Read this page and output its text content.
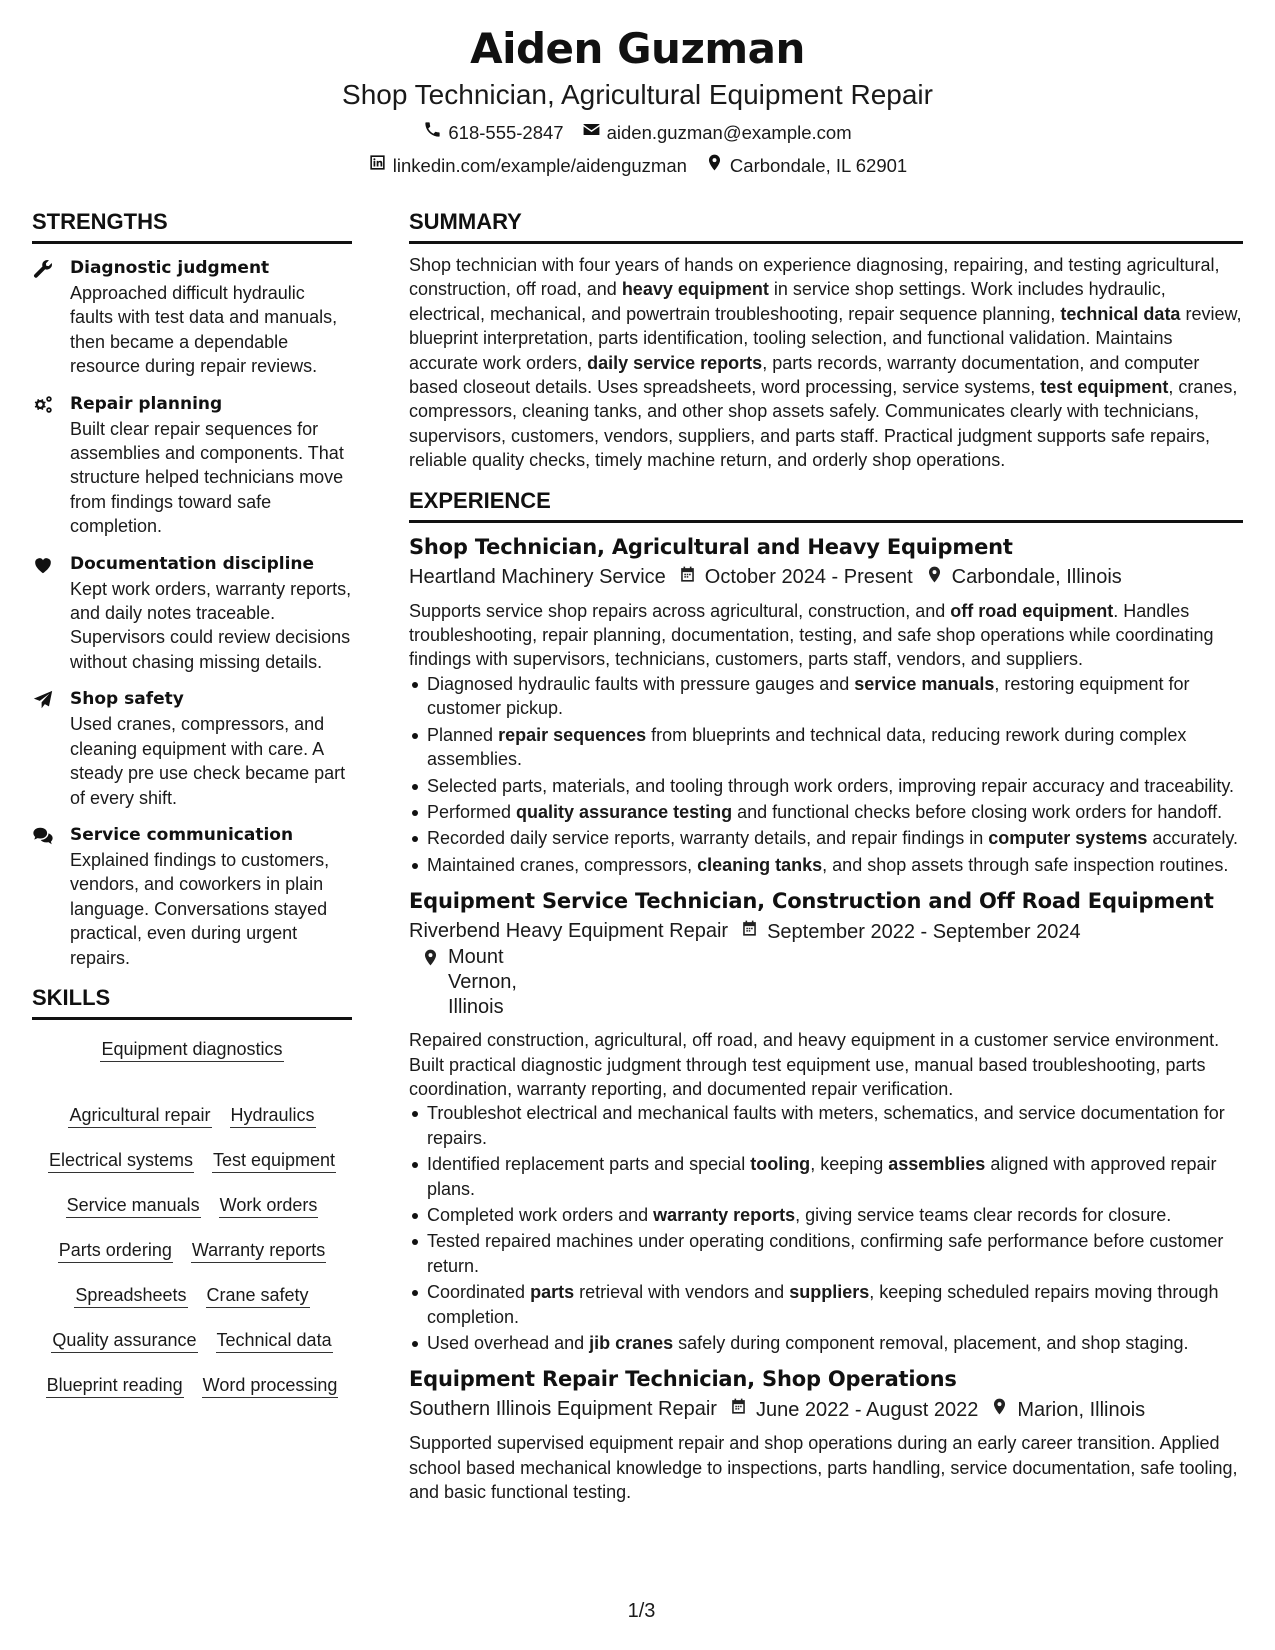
Aiden Guzman
Shop Technician, Agricultural Equipment Repair
618-555-2847 aiden.guzman@example.com
linkedin.com/example/aidenguzman Carbondale, IL 62901
STRENGTHS
Diagnostic judgment
Approached difficult hydraulic faults with test data and manuals, then became a dependable resource during repair reviews.
Repair planning
Built clear repair sequences for assemblies and components. That structure helped technicians move from findings toward safe completion.
Documentation discipline
Kept work orders, warranty reports, and daily notes traceable. Supervisors could review decisions without chasing missing details.
Shop safety
Used cranes, compressors, and cleaning equipment with care. A steady pre use check became part of every shift.
Service communication
Explained findings to customers, vendors, and coworkers in plain language. Conversations stayed practical, even during urgent repairs.
SKILLS
Equipment diagnostics
Agricultural repair Hydraulics
Electrical systems Test equipment
Service manuals Work orders
Parts ordering Warranty reports
Spreadsheets Crane safety
Quality assurance Technical data
Blueprint reading Word processing
SUMMARY
Shop technician with four years of hands on experience diagnosing, repairing, and testing agricultural, construction, off road, and heavy equipment in service shop settings. Work includes hydraulic, electrical, mechanical, and powertrain troubleshooting, repair sequence planning, technical data review, blueprint interpretation, parts identification, tooling selection, and functional validation. Maintains accurate work orders, daily service reports, parts records, warranty documentation, and computer based closeout details. Uses spreadsheets, word processing, service systems, test equipment, cranes, compressors, cleaning tanks, and other shop assets safely. Communicates clearly with technicians, supervisors, customers, vendors, suppliers, and parts staff. Practical judgment supports safe repairs, reliable quality checks, timely machine return, and orderly shop operations.
EXPERIENCE
Shop Technician, Agricultural and Heavy Equipment
Heartland Machinery Service October 2024 - Present Carbondale, Illinois
Supports service shop repairs across agricultural, construction, and off road equipment. Handles troubleshooting, repair planning, documentation, testing, and safe shop operations while coordinating findings with supervisors, technicians, customers, parts staff, vendors, and suppliers.
Diagnosed hydraulic faults with pressure gauges and service manuals, restoring equipment for customer pickup.
Planned repair sequences from blueprints and technical data, reducing rework during complex assemblies.
Selected parts, materials, and tooling through work orders, improving repair accuracy and traceability.
Performed quality assurance testing and functional checks before closing work orders for handoff.
Recorded daily service reports, warranty details, and repair findings in computer systems accurately.
Maintained cranes, compressors, cleaning tanks, and shop assets through safe inspection routines.
Equipment Service Technician, Construction and Off Road Equipment
Riverbend Heavy Equipment Repair September 2022 - September 2024
Mount Vernon, Illinois
Repaired construction, agricultural, off road, and heavy equipment in a customer service environment. Built practical diagnostic judgment through test equipment use, manual based troubleshooting, parts coordination, warranty reporting, and documented repair verification.
Troubleshot electrical and mechanical faults with meters, schematics, and service documentation for repairs.
Identified replacement parts and special tooling, keeping assemblies aligned with approved repair plans.
Completed work orders and warranty reports, giving service teams clear records for closure.
Tested repaired machines under operating conditions, confirming safe performance before customer return.
Coordinated parts retrieval with vendors and suppliers, keeping scheduled repairs moving through completion.
Used overhead and jib cranes safely during component removal, placement, and shop staging.
Equipment Repair Technician, Shop Operations
Southern Illinois Equipment Repair June 2022 - August 2022 Marion, Illinois
Supported supervised equipment repair and shop operations during an early career transition. Applied school based mechanical knowledge to inspections, parts handling, service documentation, safe tooling, and basic functional testing.
1/3
